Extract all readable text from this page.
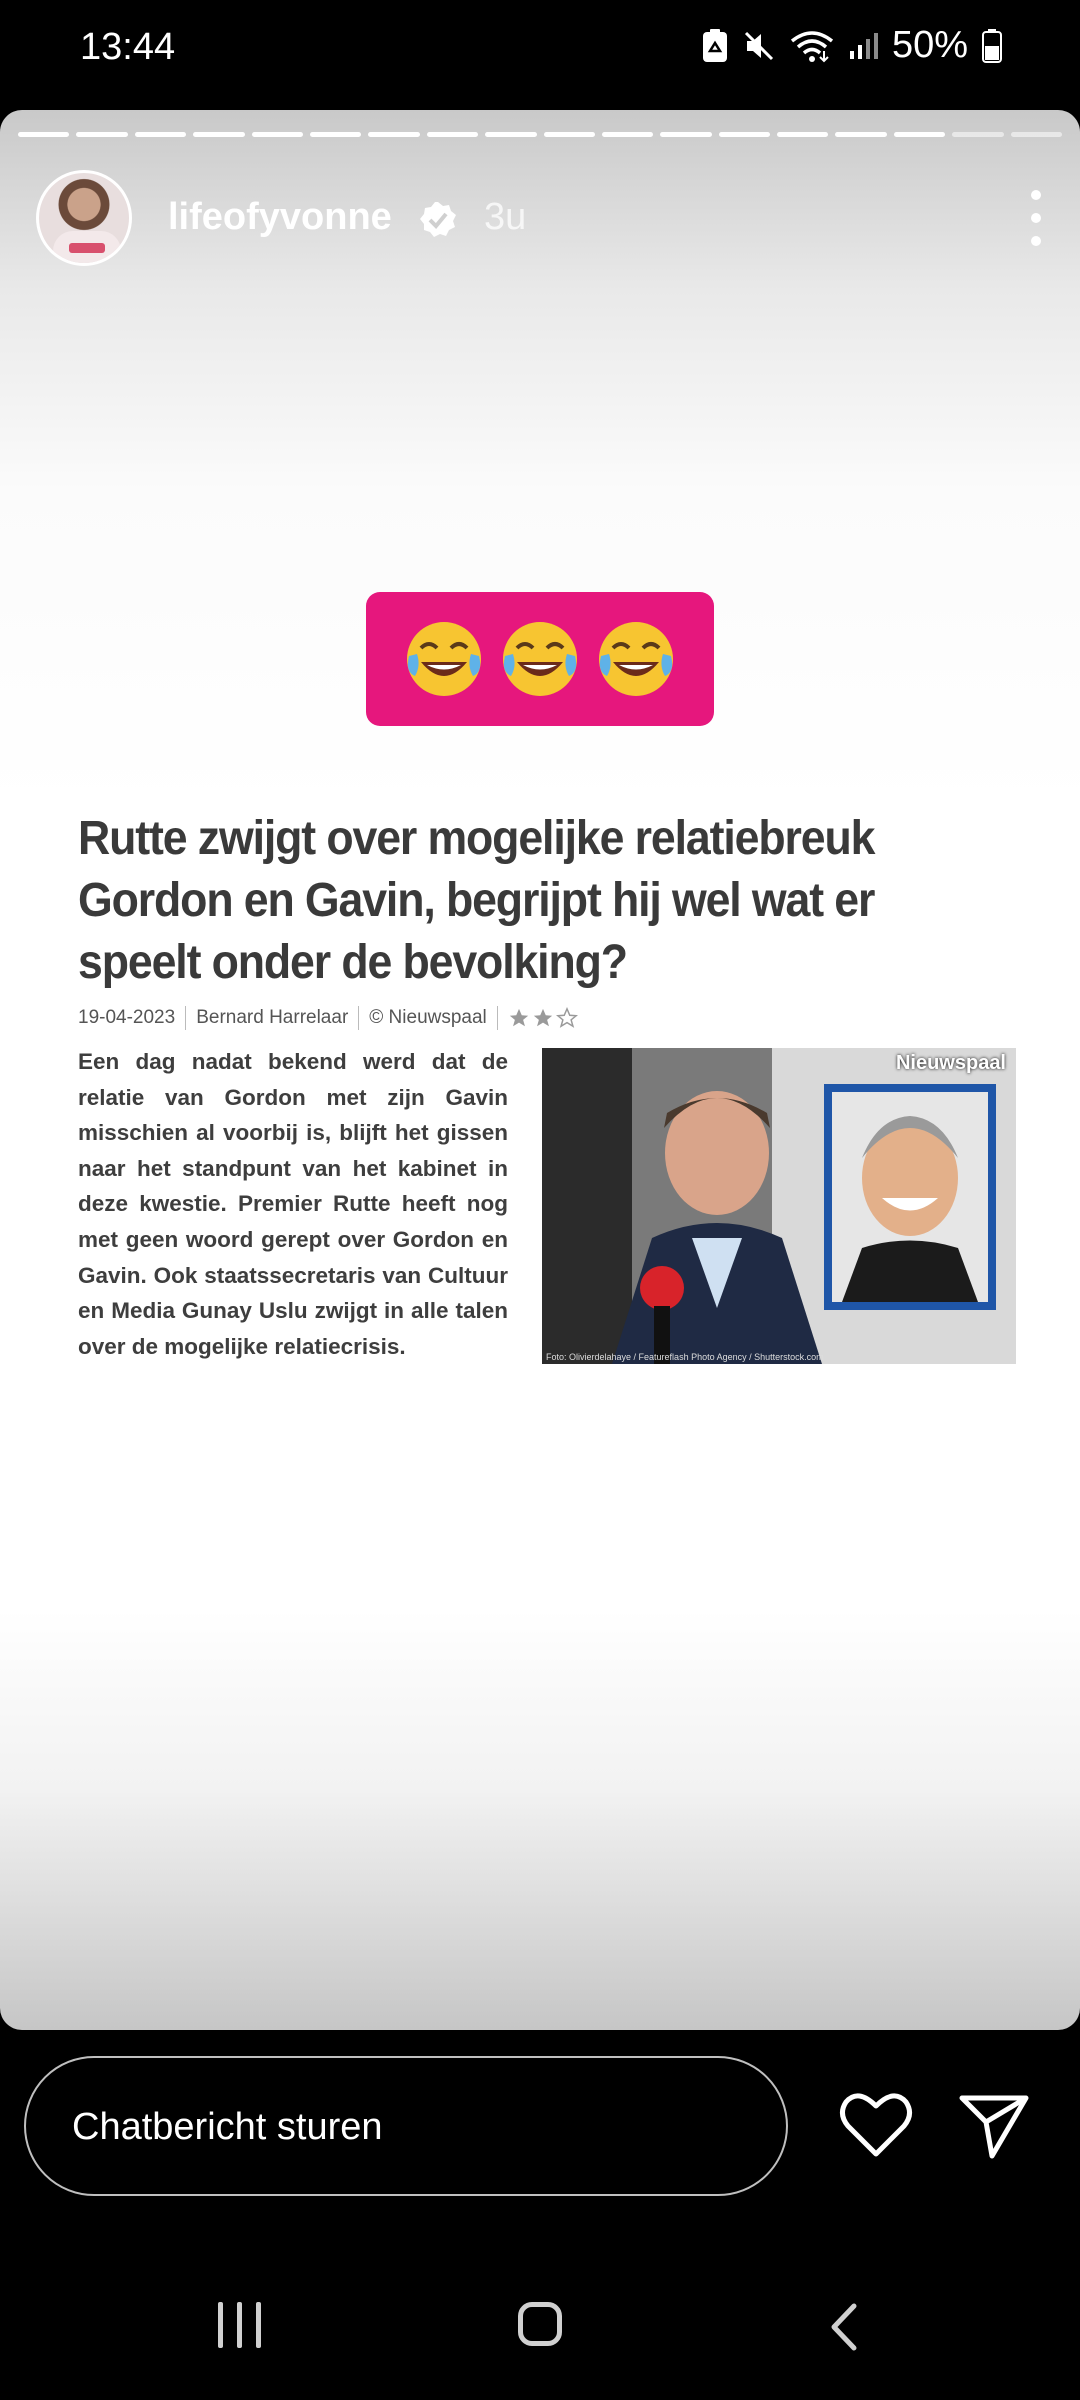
13:44	50%
lifeofyvonne 3u
Rutte zwijgt over mogelijke relatiebreuk Gordon en Gavin, begrijpt hij wel wat er speelt onder de bevolking?
19-04-2023 Bernard Harrelaar © Nieuwspaal
Een dag nadat bekend werd dat de relatie van Gordon met zijn Gavin misschien al voorbij is, blijft het gissen naar het standpunt van het kabinet in deze kwestie. Premier Rutte heeft nog met geen woord gerept over Gordon en Gavin. Ook staatssecretaris van Cultuur en Media Gunay Uslu zwijgt in alle talen over de mogelijke relatiecrisis.
Nieuwspaal
Foto: Olivierdelahaye / Featureflash Photo Agency / Shutterstock.com
Chatbericht sturen
